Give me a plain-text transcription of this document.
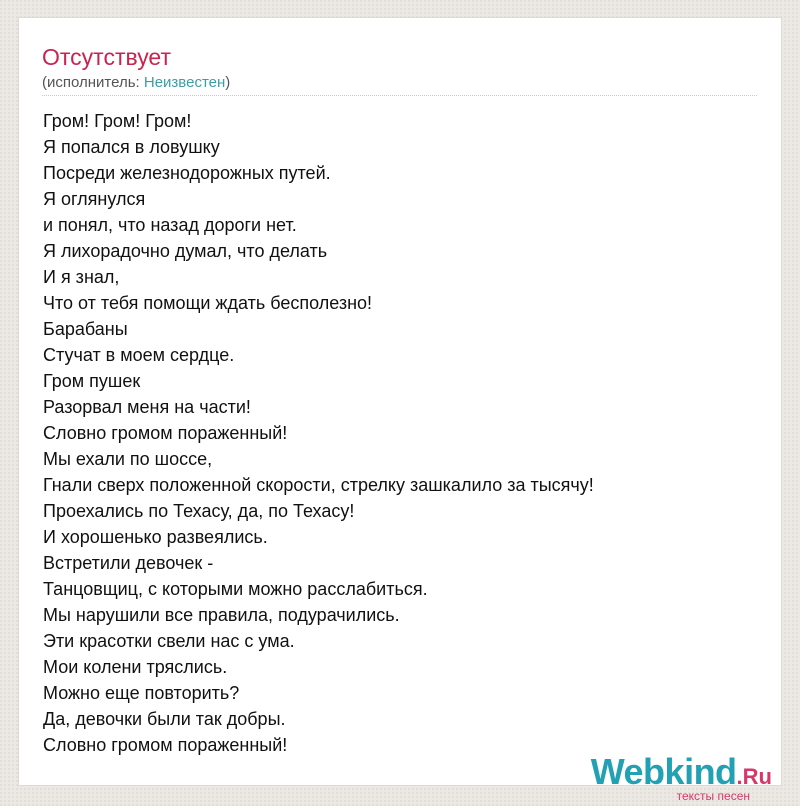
Отсутствует
(исполнитель: Неизвестен)
Гром! Гром! Гром!
Я попался в ловушку
Посреди железнодорожных путей.
Я оглянулся
и понял, что назад дороги нет.
Я лихорадочно думал, что делать
И я знал,
Что от тебя помощи ждать бесполезно!
Барабаны
Стучат в моем сердце.
Гром пушек
Разорвал меня на части!
Словно громом пораженный!
Мы ехали по шоссе,
Гнали сверх положенной скорости, стрелку зашкалило за тысячу!
Проехались по Техасу, да, по Техасу!
И хорошенько развеялись.
Встретили девочек -
Танцовщиц, с которыми можно расслабиться.
Мы нарушили все правила, подурачились.
Эти красотки свели нас с ума.
Мои колени тряслись.
Можно еще повторить?
Да, девочки были так добры.
Словно громом пораженный!
Webkind.Ru
тексты песен
